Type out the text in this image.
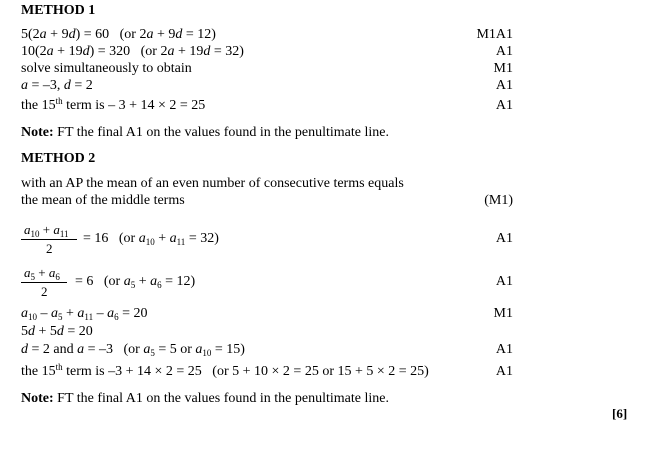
METHOD 1
5(2a + 9d) = 60   (or 2a + 9d = 12)	M1A1
10(2a + 19d) = 320   (or 2a + 19d = 32)	A1
solve simultaneously to obtain	M1
a = –3, d = 2	A1
the 15th term is – 3 + 14 × 2 = 25	A1
Note: FT the final A1 on the values found in the penultimate line.
METHOD 2
with an AP the mean of an even number of consecutive terms equals
the mean of the middle terms	(M1)
$a_{10} + a_{11}$
2
= 16   (or $a_{10} + a_{11} = 32$)	A1
$a_5 + a_6$
2
= 6   (or $a_5 + a_6 = 12$)	A1
$a_{10} - a_5 + a_{11} - a_6 = 20$	M1
5d + 5d = 20
d = 2 and a = –3   (or $a_5 = 5$ or $a_{10} = 15$)	A1
the 15th term is –3 + 14 × 2 = 25   (or 5 + 10 × 2 = 25 or 15 + 5 × 2 = 25)	A1
Note: FT the final A1 on the values found in the penultimate line.
[6]
